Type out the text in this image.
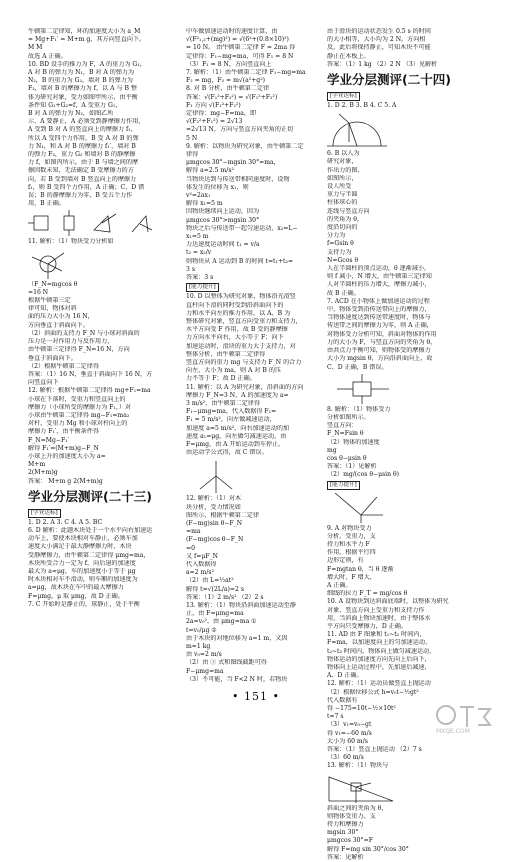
牛顿第二定律知，环的加速度大小为 a_M

= Mg+F₁′ = M+m g，其方向竖直向下。

M M

故选 A 正确。

10. BD 设手的推力为 F，A 的重力为 G₁，

A 对 B 的弹力为 N₁，B 对 A 的弹力为

N₂，B 的重力为 G₂，墙对 B 的弹力为

F₂，墙对 B 的摩擦力为 f，以 A 与 B 整

体为研究对象，受力如图甲所示，由平衡

条件知 G₁+G₂=f，A 受重力 G₁，

B 对 A 的弹力为 N₂，如图乙所

示，A 要静止，A 必须受到静摩擦力作用，

A 受到 B 对 A 的竖直向上的摩擦力 f₁，

所以 A 受四个力作用，B 受 A 对 B 的弹

力 N₁，和 A 对 B 的摩擦力 f₁′，墙对 B

的弹力 F₂，重力 G₂ 和墙对 B 的静摩擦

力 f，如图丙所示，由于 B 与墙之间的摩

擦因数未知，无法确定 B 受摩擦力的方

向，若 B 受到墙对 B 竖直向上的摩擦力

f₁，则 B 受四个力作用，A 正确；C、D 错

误；B 的静摩擦力为零，B 受五个力作

用，B 正确。

11. 解析：（1）物块受力分析如

（F_N=mgcos θ

=16 N

根据牛顿第三定

律可知，物体对斜

面的压力大小为 16 N，

方向垂直于斜面向下。

（2）斜面的支持力 F_N 与小球对斜面的

压力是一对作用力与反作用力，

由牛顿第三定律得 F_N=16 N，方向

垂直于斜面向下。

（2）根据牛顿第二定律得

答案：（1）16 N，垂直于斜面向下 16 N，方

向竖直向下

12. 解析：根据牛顿第二定律得 mg+F₁=ma

小球在下落时，受重力和竖直向上的

摩擦力（小球所受的摩擦力为 F₁，）对

小球由牛顿第二定律得 mg−F₁=ma₂

对杆，受重力 Mg 和小球对杆向上的

摩擦力 F₁′，由平衡条件得

F_N=Mg−F₁′

解得 F₁′=(M+m)g−F_N

小球上升的加速度大小为 a=

M+m

2(M+m)g

答案： M+m g 2(M+m)g

学业分层测评(二十三)
[学业达标]

1. D 2. A 3. C 4. A 5. BC

6. D 解析：此题木块处于一个水平向右加速运

动车上，要使木块相对车静止，必须车加

速度大小满足于最大静摩擦力时，木块

受静摩擦力，由牛顿第二定律得 μmg=ma，

木块所受合力一定为 f，向后退的加速度

最大为 a=μg，车的加速度小于等于 μg

时木块相对车不滑动，则车厢的加速度为

a=μg，故木块在车中的最大摩擦力

F=μmg，μ 取 μmg，故 D 正确。

7. C 开始时是静止的，球静止，处于平衡

中车做加速运动时的速度计算，由

√(F²₁,₂+(mg)²) = √(6²+(0.8×10)²)

= 10 N。 由牛顿第二定律 F = 2ma 得

定律得：F₁−mg=ma，可得 F₁ = 8 N

（3）F₁ = 8 N，方向竖直向上

7. 解析：（1）由牛顿第二定律 F₁−mg=ma

F₂ = mg，F₂ = m√(a²+g²)

8. 对 B 分析，由牛顿第二定律

答案：√(F₁²+F₂²) = √(F₁²+F₂²)

F₁ 方向 √(F₁²+F₂²)

定律得：mg−F=ma，即

√(F₂²+F₁²) = 2√13

=2√13 N，方向与竖直方向夹角的正切

5 N

9. 解析：以物块为研究对象，由牛顿第二定

律得

μmgcos 30°−mgsin 30°=ma，

解得 a=2.5 m/s²

当物块达到与传送带相同速度时，设物

体发生的位移为 x₁，则

v²=2ax₁

解得 x₁=5 m

因物块继续向上运动，因为

μmgcos 30°>mgsin 30°

物块之后与传送带一起匀速运动，x₂=L−

x₁=5 m

力达速度运动时间 t₁ = v/a

t₂ = x₂/v

则物块从 A 运动到 B 的时间 t=t₁+t₂=

3 s

答案：3 s

[能力提升]

10. D 以整体为研究对象，物体沿光滑竖

直杆向下滑的同时受到沿斜面向下的

力和水平向左的推力作用，以 A、B 为

整体研究对象，竖直方向受重力和支持力，

水平方向受 F 作用，故 B 受的静摩擦

力方向水平向右，大小等于 F；向下

加速运动时，滑块的重力大于支持力，对

整体分析，由牛顿第二定律得

竖直方向的重力 mg 与支持力 F_N 的合力

向左，大小为 ma，则 A 对 B 的压

力不等于 F；故 D 正确。

11. 解析：以 A 为研究对象，沿斜面的方向

摩擦力 F_N=3 N，A 的加速度为 a=

3 m/s²，由牛顿第二定律得

F₁−μmg=ma，代入数据得 F₁=

F₁ = 5 m/s²，向左做减速运动，

加速度 a=5 m/s²，向右加速运动的加

速度 a₁=μg，向左做匀减速运动，由

F=μmg，由 A 开始运动到车停止，

由运动学公式得，故 C 错误。

12. 解析：（1）对木

块分析，受力情况如

图所示，根据牛顿第二定律

(F−mg)sin θ−F_N

=ma

(F−mg)cos θ−F_N

=0

又 f=μF_N

代入数据得

a=2 m/s²

（2）由 L=½at²

解得 t=√(2L/a)=2 s

答案：（1）2 m/s² （2）2 s

13. 解析：（1）物块沿斜面加速运动至静

止，由 F=μmg=ma

2a=v₀²，由 μmg=ma ①

t=v₀/μg ②

由于木块的对地位移为 a=1 m，又因

m=1 kg

由 v₀=2 m/s

（2）由 ① 式和图线截距可得

F−μmg=ma

（3）不可能，当 F<2 N 时，若物块

由于滑块的运动状态发生 0.5 s 的时间

的大小相等，大小均为 2 N，方向相

反，此后将保持静止，可知木块不可能

静止在木板上。

答案：（1）1 kg （2）2 N （3）见解析

学业分层测评(二十四)
[学业达标]

1. D 2. B 3. B 4. C 5. A

6. B 以人为

研究对象，

作出力的图，

如图所示，

设人所受

重力与半圆

柱体球心的

连线与竖直方向

的夹角为 θ，

度沿切向的

分力为

f=Gsin θ

支持力为

N=Gcos θ

人在半圆柱的顶点运动，θ 逐渐减小，

则 f 减小，N 增大，由牛顿第三定律知

人对半圆柱的压力增大，摩擦力减小，

故 B 正确。

7. ACD 在小物体上做加速运动的过程

中，物体受到沿传送带向上的摩擦力，

当物体速度达到传送带速度时，物体与

传送带之间的摩擦力为零，则 A 正确，

对物体受力分析可知，斜面对物体的作用

力的大小为 F，与竖直方向的夹角为 θ，

由共点力平衡可知，则物体受的摩擦力

大小为 mgsin θ，方向沿斜面向上，故

C、D 正确，B 错误。

8. 解析：（1）物体受力

分析如图所示。

竖直方向：

F_N=Fsin θ

（2）物体的加速度

mg

cos θ−μsin θ

答案：（1）见解析

（2）mg/(cos θ−μsin θ)

[能力提升]

9. A 对物块受力

分析，受重力，支

持力和水平力 F

作用，根据平行四

边形定则，有

F=mgtan θ，当 θ 逐渐

增大时，F 增大，

A 正确。

细线的拉力 F_T = mg/cos θ

10. A 设物块到达斜面底端时，以整体为研究

对象，竖直方向上受重力和支持力作

用，当斜面上物块加速时，由于整体水

平方向只受摩擦力，D 正确。

11. AD 由 F 图象和 t₁~t₂ 时间内，

F=ma，以加速度向上的匀加速运动，

t₂~t₃ 时间内，物体向上做匀减速运动，

物体运动的加速度方向先向上后向下，

物体向上运动过程中，先加速后减速，

A、D 正确。

12. 解析：（1）运动员做竖直上抛运动

（2）根据位移公式 h=v₀t−½gt²

代入数据有

得 −175=10t−½×10t²

t=7 s

（3）v₁=v₀−gt

得 v₁=−60 m/s

大小为 60 m/s

答案：（1）竖直上抛运动 （2）7 s

（3）60 m/s

13. 解析：（1）物块与

斜面之间的夹角为 θ，

则物体受重力、支

持力和摩擦力

mgsin 30°

μmgcos 30°=F

解得 F=mg sin 30°/cos 30°

答案：见解析

• 151 •
MXQE.COM
